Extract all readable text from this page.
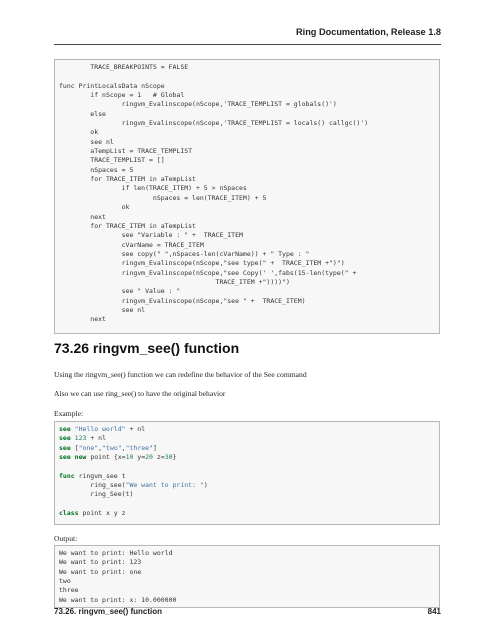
Ring Documentation, Release 1.8
TRACE_BREAKPOINTS = FALSE

func PrintLocalsData nScope
if nScope = 1   # Global
ringvm_Evalinscope(nScope,'TRACE_TEMPLIST = globals()')
else
ringvm_Evalinscope(nScope,'TRACE_TEMPLIST = locals() callgc()')
ok
see nl
aTempList = TRACE_TEMPLIST
TRACE_TEMPLIST = []
nSpaces = 5
for TRACE_ITEM in aTempList
if len(TRACE_ITEM) + 5 > nSpaces
nSpaces = len(TRACE_ITEM) + 5
ok
next
for TRACE_ITEM in aTempList
see "Variable : " +  TRACE_ITEM
cVarName = TRACE_ITEM
see copy(" ",nSpaces-len(cVarName)) + " Type : "
ringvm_Evalinscope(nScope,"see type(" +  TRACE_ITEM +")")
ringvm_Evalinscope(nScope,"see Copy(' ',fabs(15-len(type(" +
TRACE_ITEM +"))))")
see " Value : "
ringvm_Evalinscope(nScope,"see " +  TRACE_ITEM)
see nl
next
73.26 ringvm_see() function
Using the ringvm_see() function we can redefine the behavior of the See command
Also we can use ring_see() to have the original behavior
Example:
see "Hello world" + nl
see 123 + nl
see ["one","two","three"]
see new point {x=10 y=20 z=30}

func ringvm_see t
ring_see("We want to print: ")
ring_See(t)

class point x y z
Output:
We want to print: Hello world
We want to print: 123
We want to print: one
two
three
We want to print: x: 10.000000
73.26. ringvm_see() function	841
